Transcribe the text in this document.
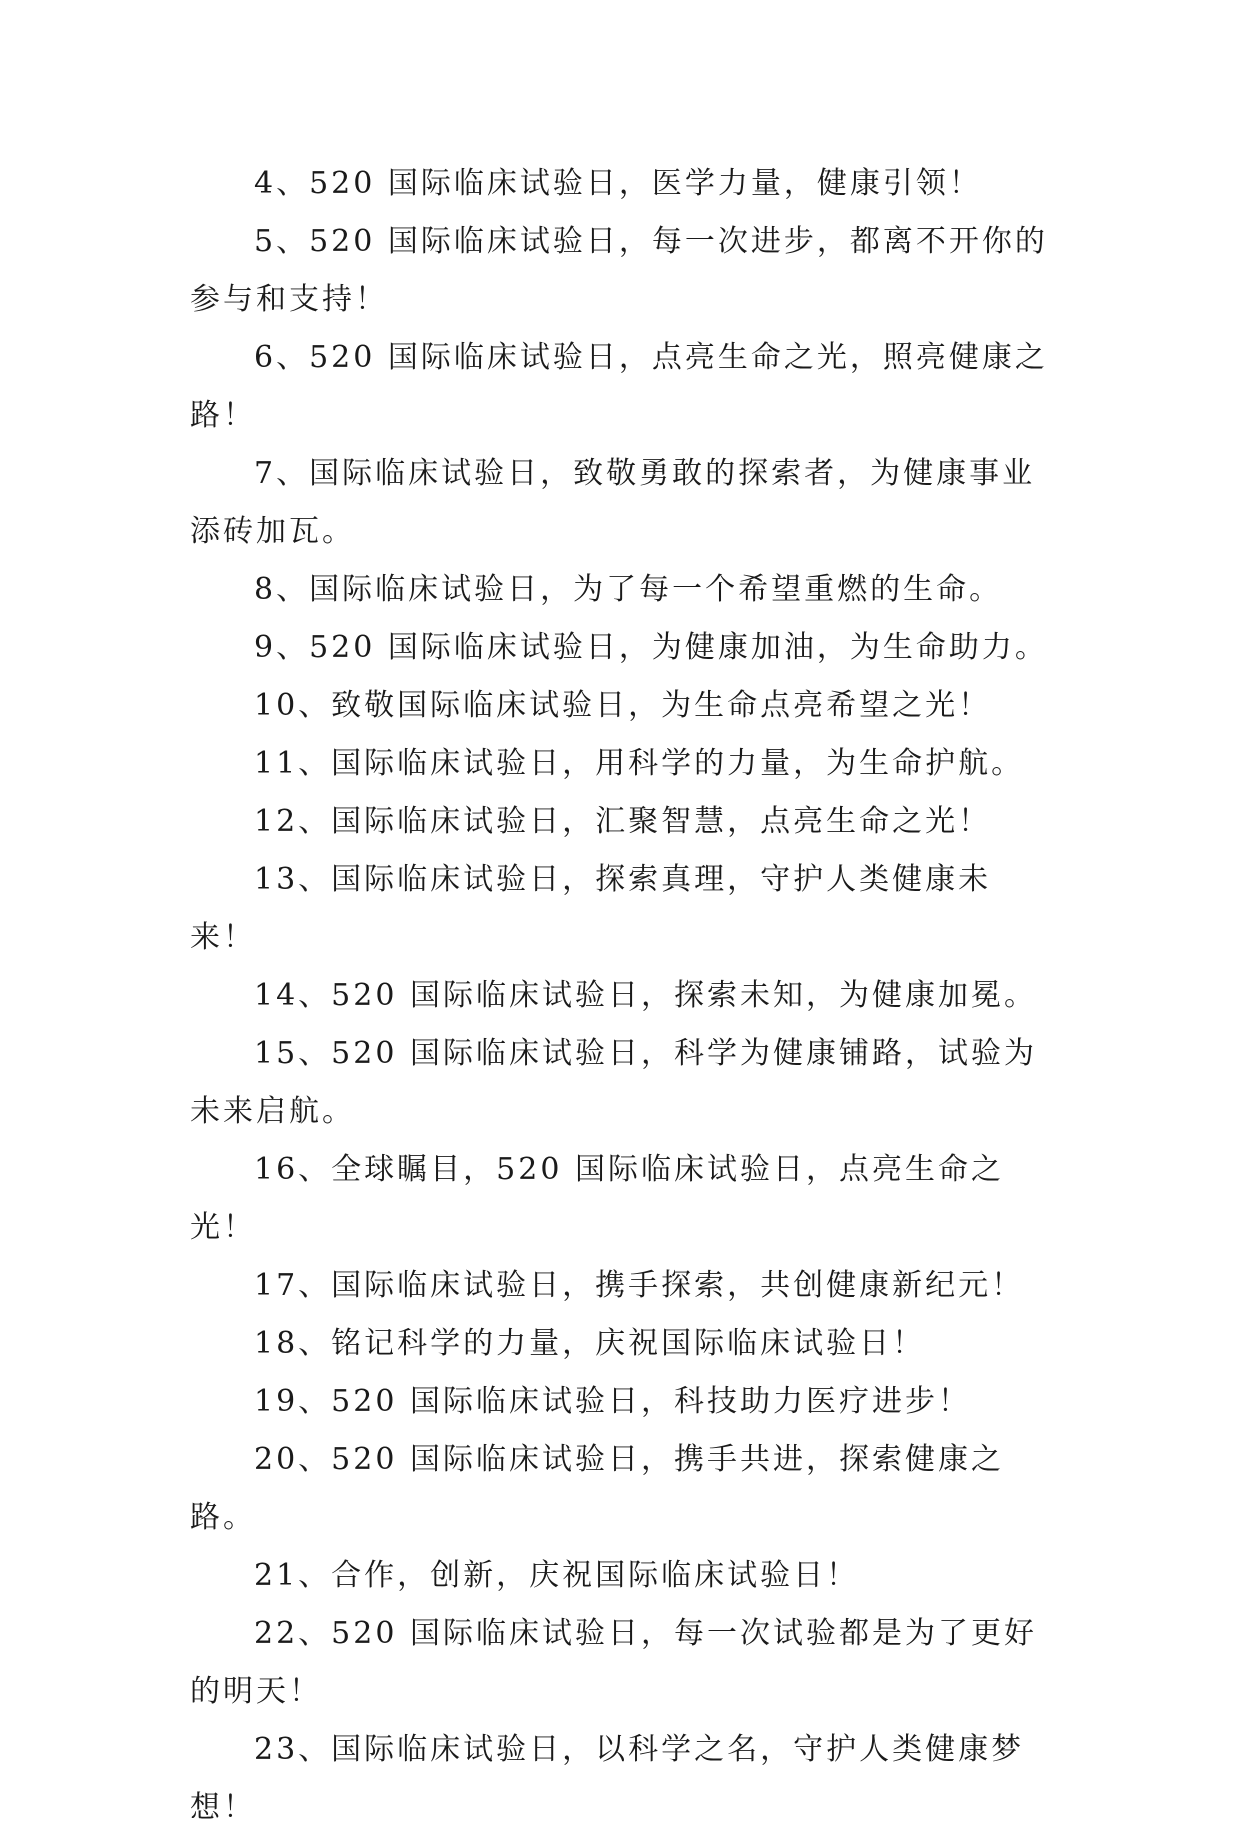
4、520 国际临床试验日，医学力量，健康引领！

5、520 国际临床试验日，每一次进步，都离不开你的参与和支持！

6、520 国际临床试验日，点亮生命之光，照亮健康之路！

7、国际临床试验日，致敬勇敢的探索者，为健康事业添砖加瓦。

8、国际临床试验日，为了每一个希望重燃的生命。

9、520 国际临床试验日，为健康加油，为生命助力。

10、致敬国际临床试验日，为生命点亮希望之光！

11、国际临床试验日，用科学的力量，为生命护航。

12、国际临床试验日，汇聚智慧，点亮生命之光！

13、国际临床试验日，探索真理，守护人类健康未来！

14、520 国际临床试验日，探索未知，为健康加冕。

15、520 国际临床试验日，科学为健康铺路，试验为未来启航。

16、全球瞩目，520 国际临床试验日，点亮生命之光！

17、国际临床试验日，携手探索，共创健康新纪元！

18、铭记科学的力量，庆祝国际临床试验日！

19、520 国际临床试验日，科技助力医疗进步！

20、520 国际临床试验日，携手共进，探索健康之路。

21、合作，创新，庆祝国际临床试验日！

22、520 国际临床试验日，每一次试验都是为了更好的明天！

23、国际临床试验日，以科学之名，守护人类健康梦想！
